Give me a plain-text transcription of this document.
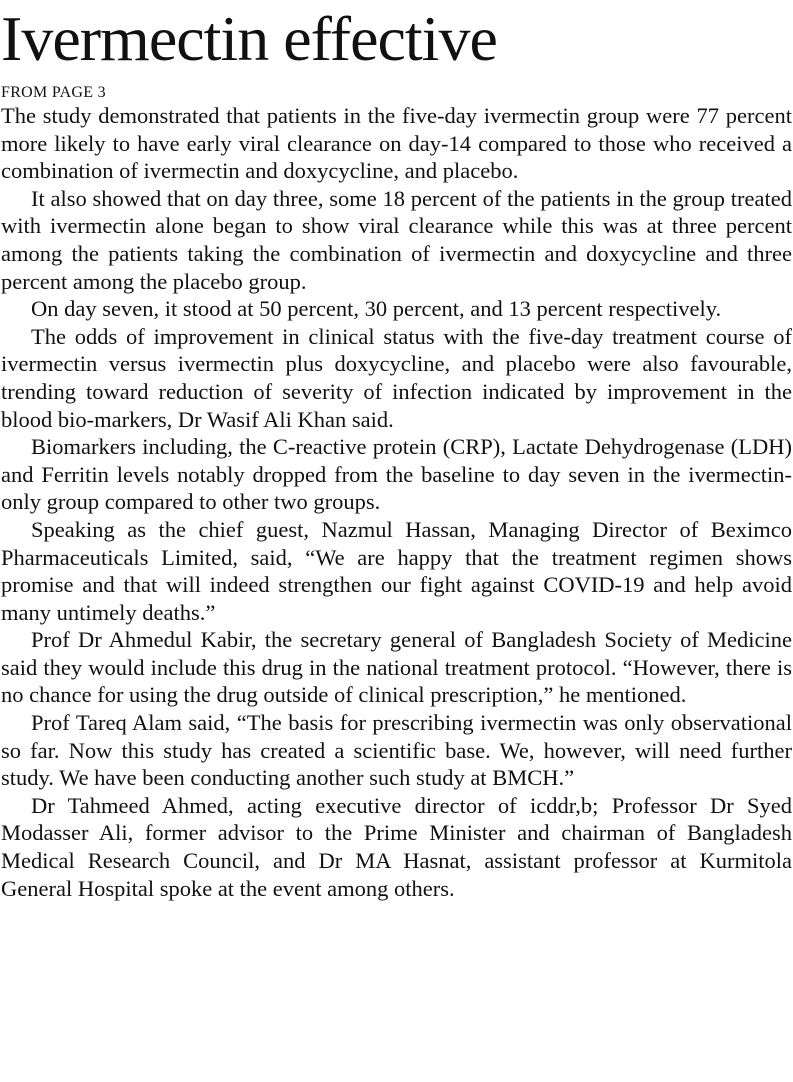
Ivermectin effective
FROM PAGE 3

The study demonstrated that patients in the five-day ivermectin group were 77 percent more likely to have early viral clearance on day-14 compared to those who received a combination of ivermectin and doxycycline, and placebo.

It also showed that on day three, some 18 percent of the patients in the group treated with ivermectin alone began to show viral clearance while this was at three percent among the patients taking the combination of ivermectin and doxycycline and three percent among the placebo group.

On day seven, it stood at 50 percent, 30 percent, and 13 percent respectively.

The odds of improvement in clinical status with the five-day treatment course of ivermectin versus ivermectin plus doxycycline, and placebo were also favourable, trending toward reduction of severity of infection indicated by improvement in the blood bio-markers, Dr Wasif Ali Khan said.

Biomarkers including, the C-reactive protein (CRP), Lactate Dehydrogenase (LDH) and Ferritin levels notably dropped from the baseline to day seven in the ivermectin-only group compared to other two groups.

Speaking as the chief guest, Nazmul Hassan, Managing Director of Beximco Pharmaceuticals Limited, said, “We are happy that the treatment regimen shows promise and that will indeed strengthen our fight against COVID-19 and help avoid many untimely deaths.”

Prof Dr Ahmedul Kabir, the secretary general of Bangladesh Society of Medicine said they would include this drug in the national treatment protocol. “However, there is no chance for using the drug outside of clinical prescription,” he mentioned.

Prof Tareq Alam said, “The basis for prescribing ivermectin was only observational so far. Now this study has created a scientific base. We, however, will need further study. We have been conducting another such study at BMCH.”

Dr Tahmeed Ahmed, acting executive director of icddr,b; Professor Dr Syed Modasser Ali, former advisor to the Prime Minister and chairman of Bangladesh Medical Research Council, and Dr MA Hasnat, assistant professor at Kurmitola General Hospital spoke at the event among others.
